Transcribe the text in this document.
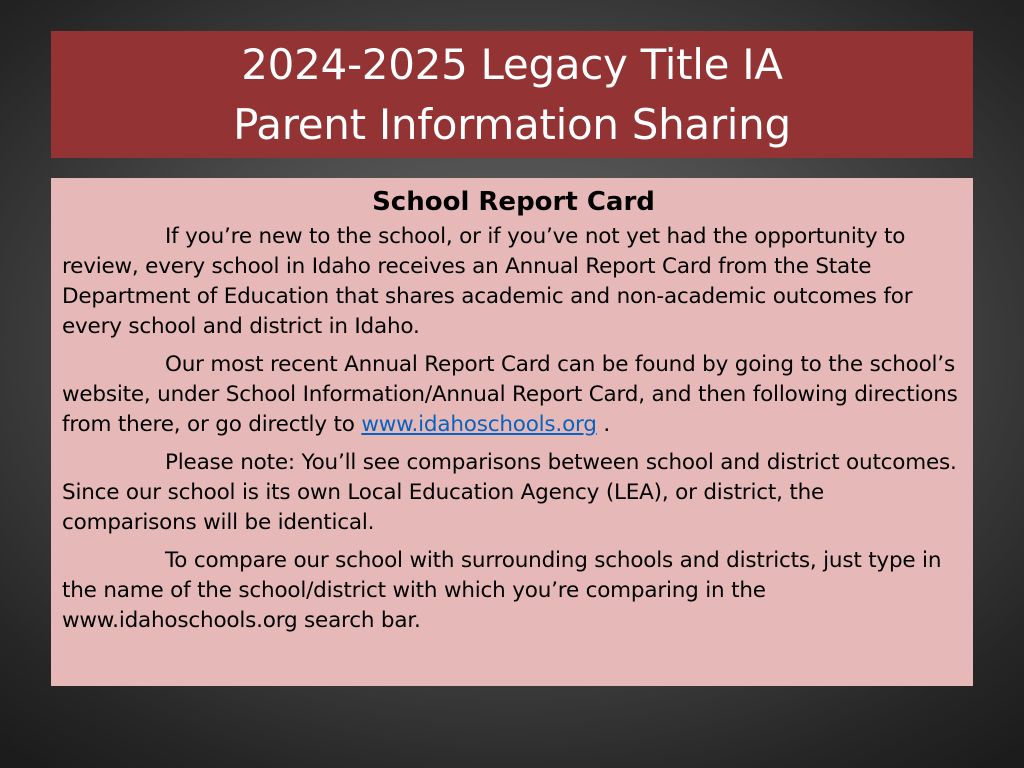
2024-2025 Legacy Title IA
Parent Information Sharing

School Report Card

If you’re new to the school, or if you’ve not yet had the opportunity to review, every school in Idaho receives an Annual Report Card from the State Department of Education that shares academic and non-academic outcomes for every school and district in Idaho.

Our most recent Annual Report Card can be found by going to the school’s website, under School Information/Annual Report Card, and then following directions from there, or go directly to www.idahoschools.org .

Please note: You’ll see comparisons between school and district outcomes. Since our school is its own Local Education Agency (LEA), or district, the comparisons will be identical.

To compare our school with surrounding schools and districts, just type in the name of the school/district with which you’re comparing in the www.idahoschools.org search bar.
